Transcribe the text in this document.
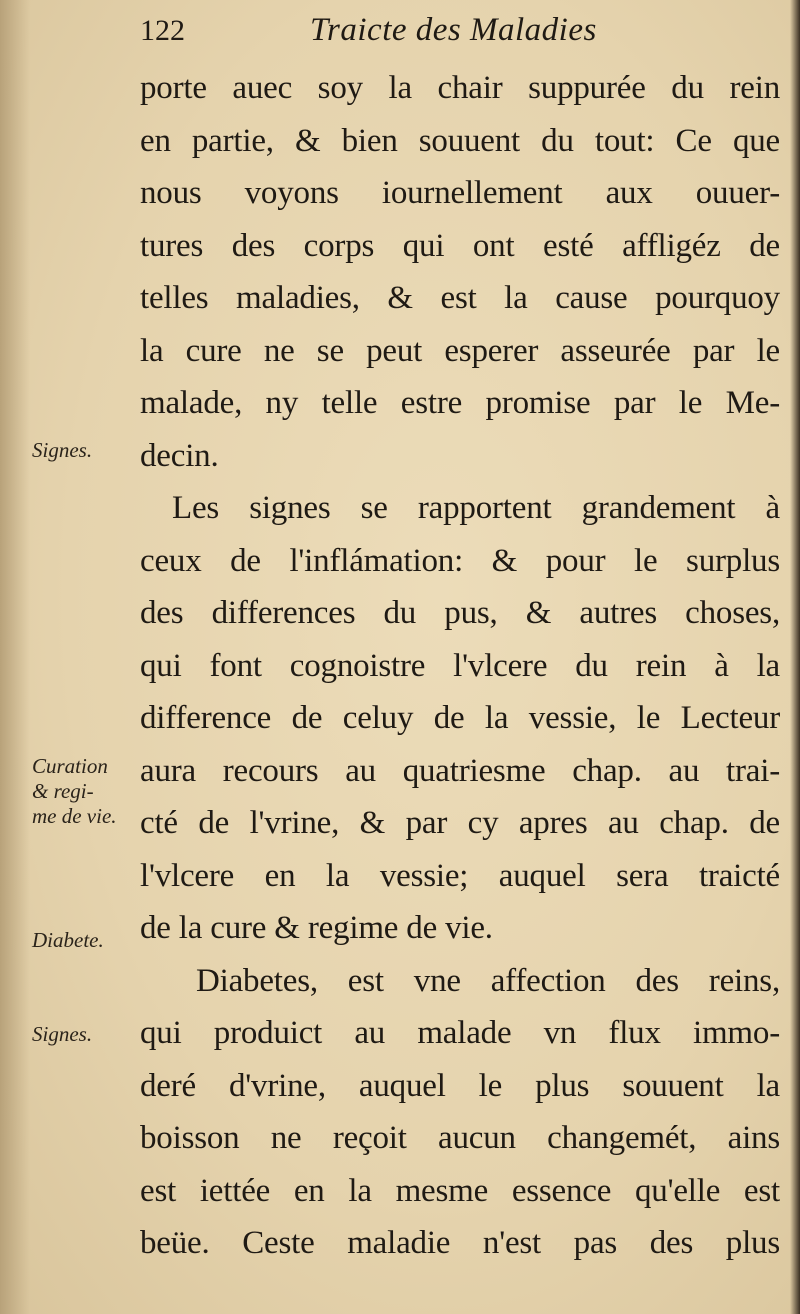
122	Traicte des Maladies
Signes.
Curation
& regi-
me de vie.
Diabete.
Signes.
porte auec soy la chair suppurée du rein
en partie, & bien souuent du tout: Ce que
nous voyons iournellement aux ouuer-
tures des corps qui ont esté affligéz de
telles maladies, & est la cause pourquoy
la cure ne se peut esperer asseurée par le
malade, ny telle estre promise par le Me-
decin.
Les signes se rapportent grandement à
ceux de l'inflámation: & pour le surplus
des differences du pus, & autres choses,
qui font cognoistre l'vlcere du rein à la
difference de celuy de la vessie, le Lecteur
aura recours au quatriesme chap. au trai-
cté de l'vrine, & par cy apres au chap. de
l'vlcere en la vessie; auquel sera traicté
de la cure & regime de vie.
Diabetes, est vne affection des reins,
qui produict au malade vn flux immo-
deré d'vrine, auquel le plus souuent la
boisson ne reçoit aucun changemét, ains
est iettée en la mesme essence qu'elle est
beüe. Ceste maladie n'est pas des plus
